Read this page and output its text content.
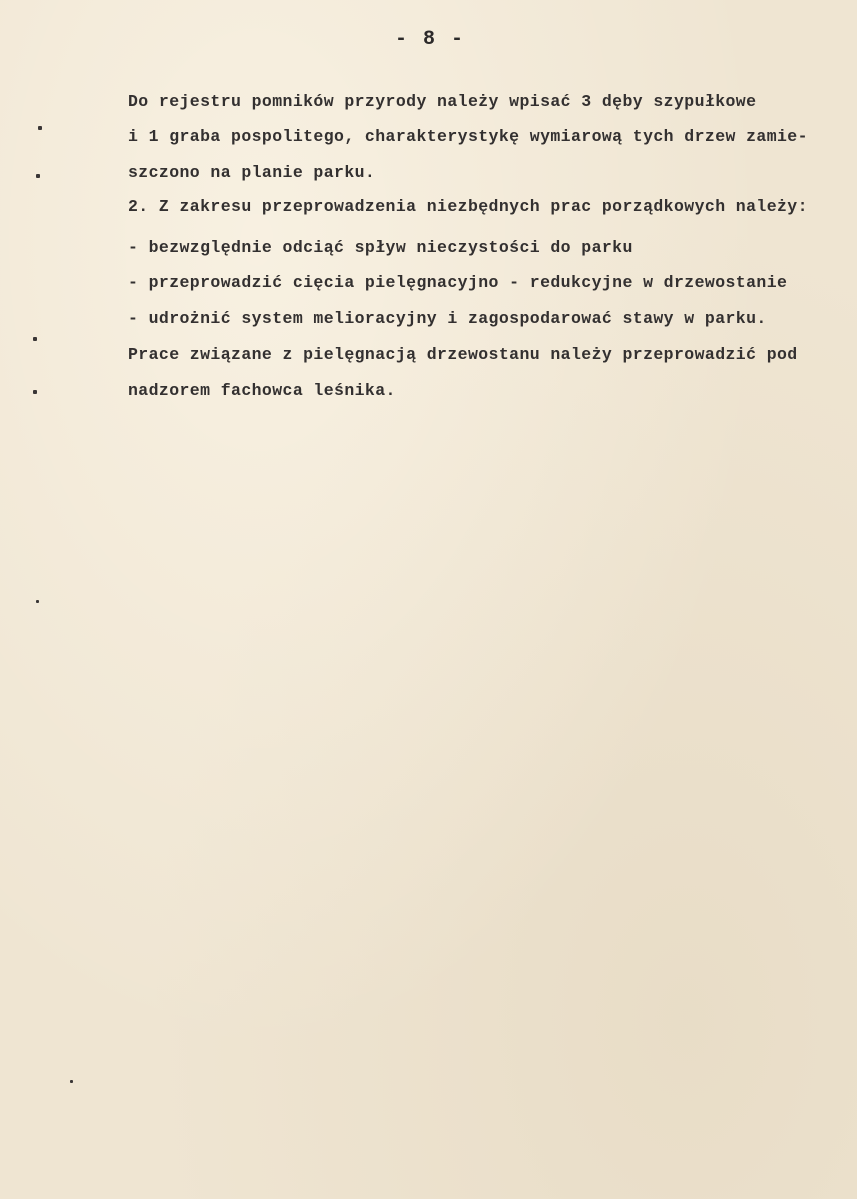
- 8 -
Do rejestru pomników przyrody należy wpisać 3 dęby szypułkowe
i 1 graba pospolitego, charakterystykę wymiarową tych drzew zamie-
szczono na planie parku.
2. Z zakresu przeprowadzenia niezbędnych prac porządkowych należy:
- bezwzględnie odciąć spływ nieczystości do parku
- przeprowadzić cięcia pielęgnacyjno - redukcyjne w drzewostanie
- udrożnić system melioracyjny i zagospodarować stawy w parku.
Prace związane z pielęgnacją drzewostanu należy przeprowadzić pod
nadzorem fachowca leśnika.
